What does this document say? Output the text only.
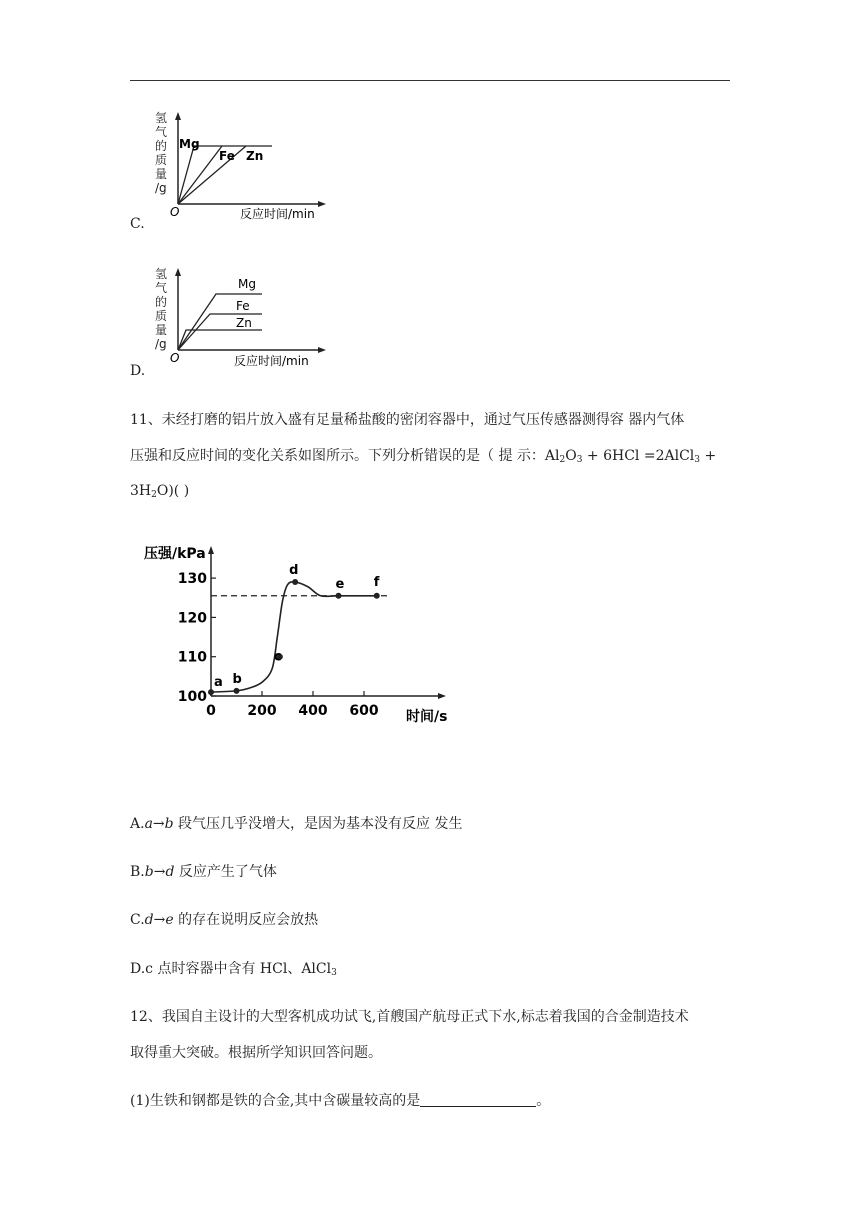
氢
气
的
质
量
/g
Mg
Fe Zn
O	反应时间/min
C.
氢
气
的
质
量
/g
Mg
Fe
Zn
O	反应时间/min
D.
11、未经打磨的铝片放入盛有足量稀盐酸的密闭容器中，通过气压传感器测得容 器内气体
压强和反应时间的变化关系如图所示。下列分析错误的是（ 提 示：$Al_2O_3 + 6HCl$ =2AlCl$_3$ +
$3H_2O$)( )
压强/kPa
时间/s
100
110
120
130
0 200 400 600
a b
c
d
e f
A.a→b 段气压几乎没增大，是因为基本没有反应 发生
B.b→d 反应产生了气体
C.d→e 的存在说明反应会放热
D.c 点时容器中含有 HCl、AlCl$_3$
12、我国自主设计的大型客机成功试飞,首艘国产航母正式下水,标志着我国的合金制造技术
取得重大突破。根据所学知识回答问题。
(1)生铁和钢都是铁的合金,其中含碳量较高的是	。
